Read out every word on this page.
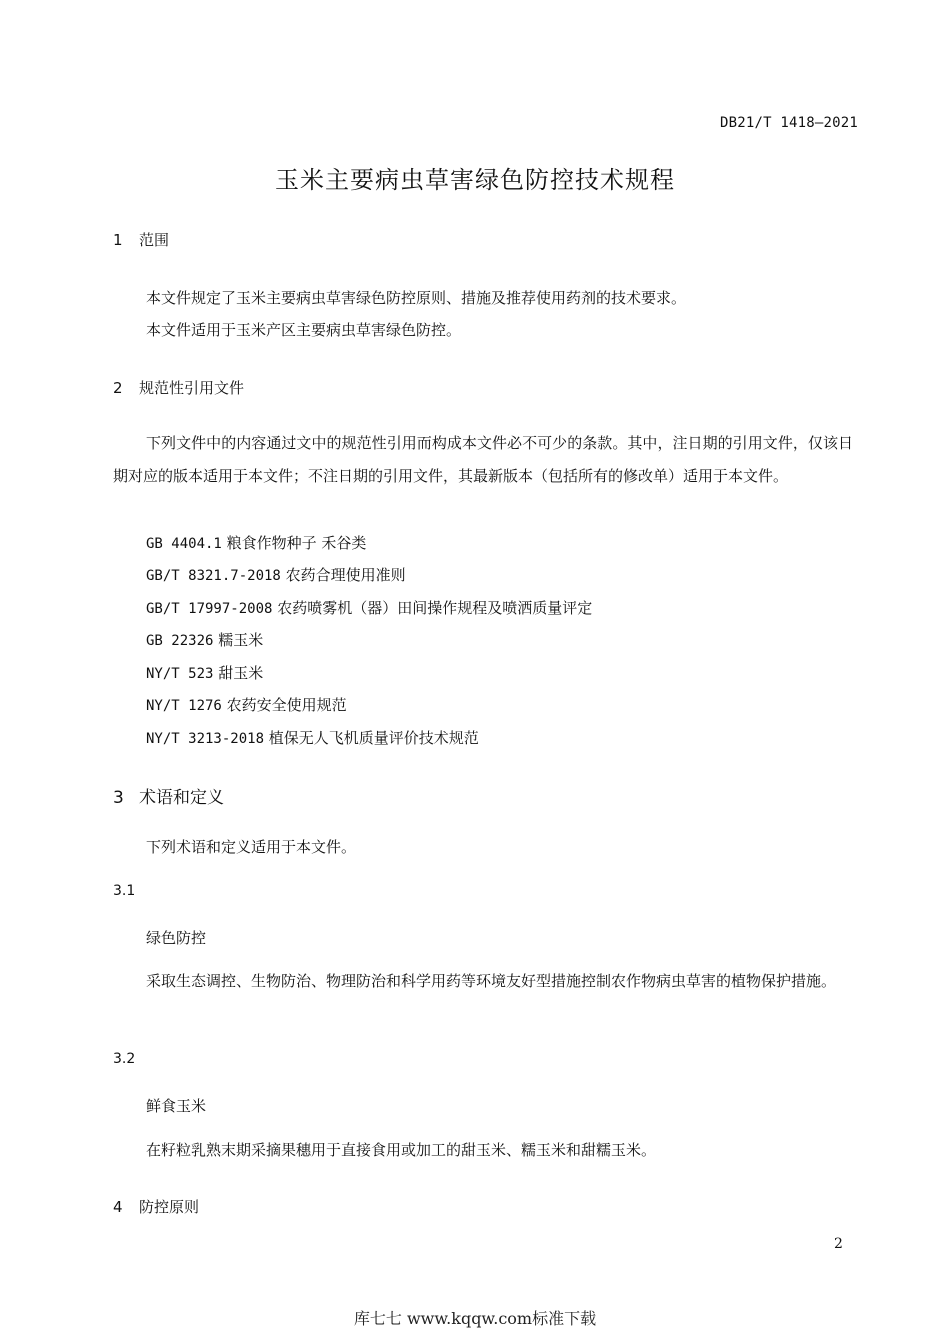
DB21/T 1418—2021
玉米主要病虫草害绿色防控技术规程
1 范围
本文件规定了玉米主要病虫草害绿色防控原则、措施及推荐使用药剂的技术要求。
本文件适用于玉米产区主要病虫草害绿色防控。
2 规范性引用文件
下列文件中的内容通过文中的规范性引用而构成本文件必不可少的条款。其中，注日期的引用文件，仅该日期对应的版本适用于本文件；不注日期的引用文件，其最新版本（包括所有的修改单）适用于本文件。
GB 4404.1 粮食作物种子 禾谷类
GB/T 8321.7-2018 农药合理使用准则
GB/T 17997-2008 农药喷雾机（器）田间操作规程及喷洒质量评定
GB 22326 糯玉米
NY/T 523 甜玉米
NY/T 1276 农药安全使用规范
NY/T 3213-2018 植保无人飞机质量评价技术规范
3 术语和定义
下列术语和定义适用于本文件。
3.1
绿色防控
采取生态调控、生物防治、物理防治和科学用药等环境友好型措施控制农作物病虫草害的植物保护措施。
3.2
鲜食玉米
在籽粒乳熟末期采摘果穗用于直接食用或加工的甜玉米、糯玉米和甜糯玉米。
4 防控原则
2
库七七 www.kqqw.com标准下载
